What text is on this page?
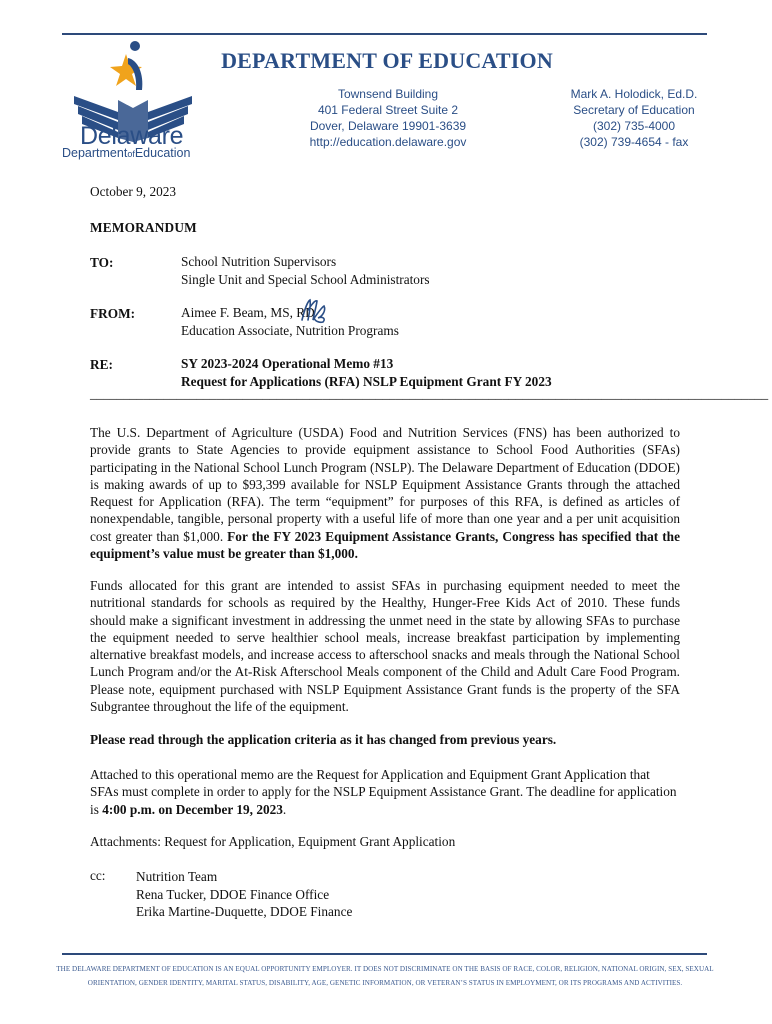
Delaware
DepartmentofEducation
DEPARTMENT OF EDUCATION
Townsend Building
401 Federal Street Suite 2
Dover, Delaware 19901-3639
http://education.delaware.gov
Mark A. Holodick, Ed.D.
Secretary of Education
(302) 735-4000
(302) 739-4654 - fax
October 9, 2023
MEMORANDUM
TO:	School Nutrition Supervisors
Single Unit and Special School Administrators
FROM:	Aimee F. Beam, MS, RD
Education Associate, Nutrition Programs
RE:	SY 2023-2024 Operational Memo #13
Request for Applications (RFA) NSLP Equipment Grant FY 2023
______________________________________________________________________________________________________
The U.S. Department of Agriculture (USDA) Food and Nutrition Services (FNS) has been authorized to provide grants to State Agencies to provide equipment assistance to School Food Authorities (SFAs) participating in the National School Lunch Program (NSLP). The Delaware Department of Education (DDOE) is making awards of up to $93,399 available for NSLP Equipment Assistance Grants through the attached Request for Application (RFA). The term “equipment” for purposes of this RFA, is defined as articles of nonexpendable, tangible, personal property with a useful life of more than one year and a per unit acquisition cost greater than $1,000. For the FY 2023 Equipment Assistance Grants, Congress has specified that the equipment’s value must be greater than $1,000.
Funds allocated for this grant are intended to assist SFAs in purchasing equipment needed to meet the nutritional standards for schools as required by the Healthy, Hunger-Free Kids Act of 2010. These funds should make a significant investment in addressing the unmet need in the state by allowing SFAs to purchase the equipment needed to serve healthier school meals, increase breakfast participation by implementing alternative breakfast models, and increase access to afterschool snacks and meals through the National School Lunch Program and/or the At-Risk Afterschool Meals component of the Child and Adult Care Food Program. Please note, equipment purchased with NSLP Equipment Assistance Grant funds is the property of the SFA Subgrantee throughout the life of the equipment.
Please read through the application criteria as it has changed from previous years.
Attached to this operational memo are the Request for Application and Equipment Grant Application that SFAs must complete in order to apply for the NSLP Equipment Assistance Grant. The deadline for application is 4:00 p.m. on December 19, 2023.
Attachments: Request for Application, Equipment Grant Application
cc: Nutrition Team
Rena Tucker, DDOE Finance Office
Erika Martine-Duquette, DDOE Finance
THE DELAWARE DEPARTMENT OF EDUCATION IS AN EQUAL OPPORTUNITY EMPLOYER. IT DOES NOT DISCRIMINATE ON THE BASIS OF RACE, COLOR, RELIGION, NATIONAL ORIGIN, SEX, SEXUAL
ORIENTATION, GENDER IDENTITY, MARITAL STATUS, DISABILITY, AGE, GENETIC INFORMATION, OR VETERAN’S STATUS IN EMPLOYMENT, OR ITS PROGRAMS AND ACTIVITIES.
